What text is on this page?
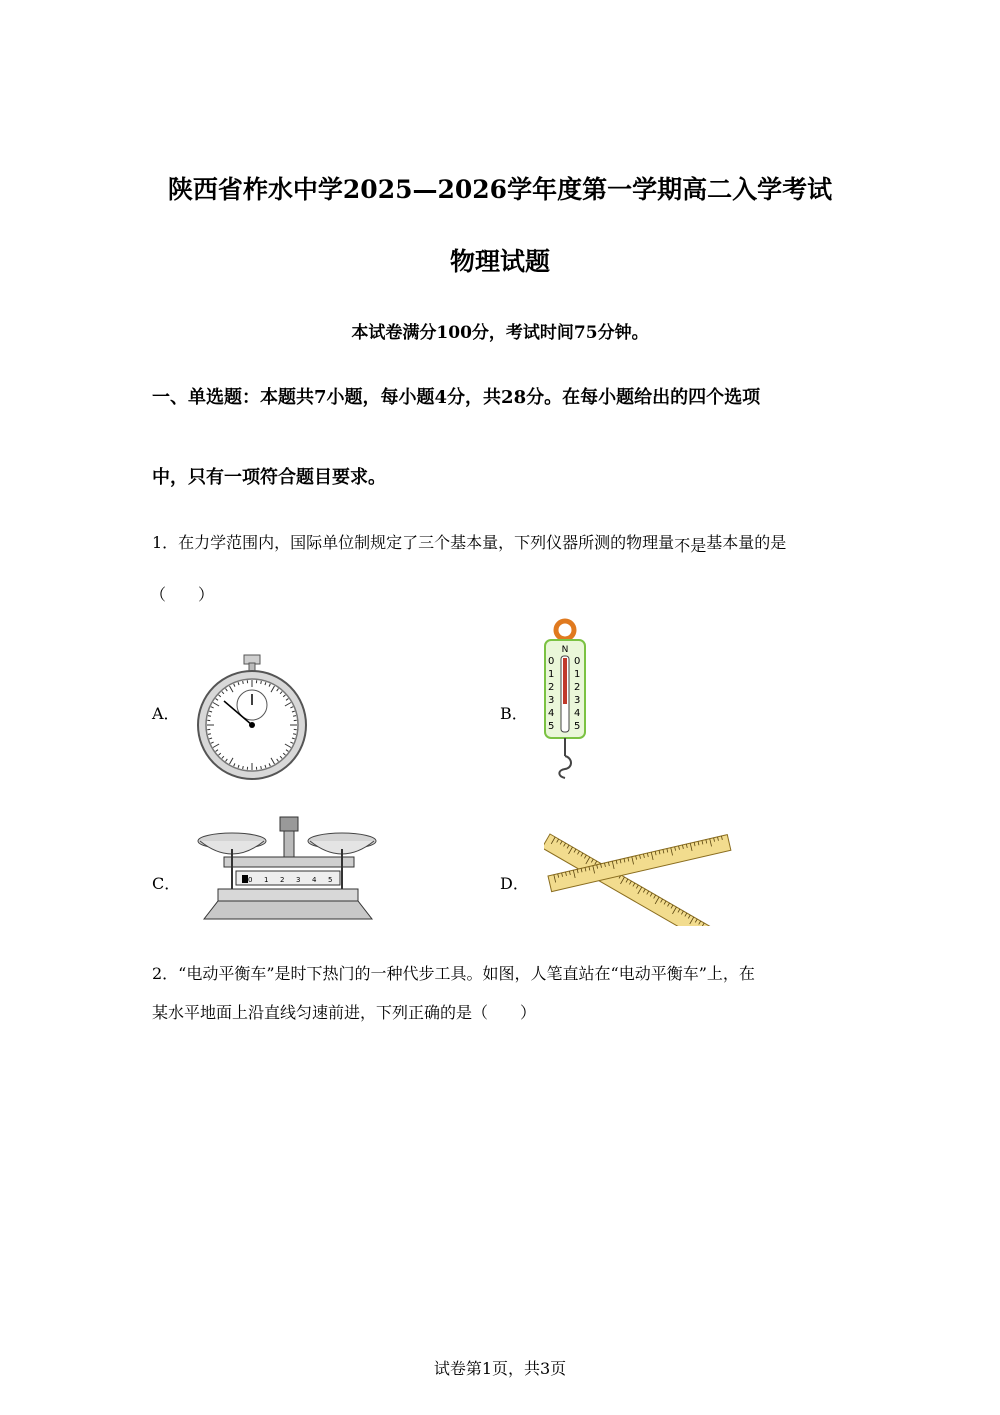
陕西省柞水中学2025—2026学年度第一学期高二入学考试
物理试题
本试卷满分100分，考试时间75分钟。
一、单选题：本题共7小题，每小题4分，共28分。在每小题给出的四个选项
中，只有一项符合题目要求。
1．在力学范围内，国际单位制规定了三个基本量，下列仪器所测的物理量不是基本量的是
（　　）
A．	B．
N
0
1
2
3
4
5
0
1
2
3
4
5
C．	0 1 2 3 4 5	D．
2．“电动平衡车”是时下热门的一种代步工具。如图，人笔直站在“电动平衡车”上，在
某水平地面上沿直线匀速前进，下列正确的是（　　）
试卷第1页，共3页
